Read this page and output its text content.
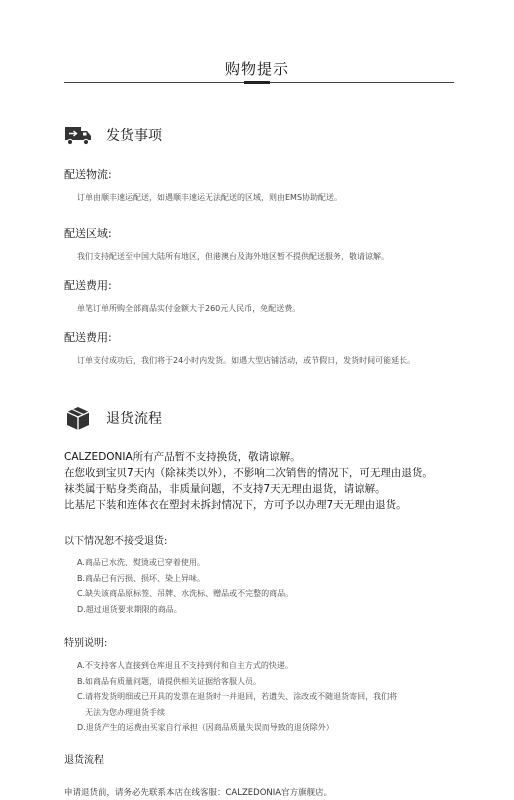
购物提示
发货事项
配送物流:
订单由顺丰速运配送，如遇顺丰速运无法配送的区域，则由EMS协助配送。
配送区域:
我们支持配送至中国大陆所有地区，但港澳台及海外地区暂不提供配送服务，敬请谅解。
配送费用:
单笔订单所购全部商品实付金额大于260元人民币，免配送费。
配送费用:
订单支付成功后，我们将于24小时内发货。如遇大型店铺活动，或节假日，发货时间可能延长。
退货流程
CALZEDONIA所有产品暂不支持换货，敬请谅解。
在您收到宝贝7天内（除袜类以外），不影响二次销售的情况下，可无理由退货。
袜类属于贴身类商品，非质量问题，不支持7天无理由退货，请谅解。
比基尼下装和连体衣在塑封未拆封情况下，方可予以办理7天无理由退货。
以下情况恕不接受退货:
A.商品已水洗、熨烫或已穿着使用。
B.商品已有污损、损坏、染上异味。
C.缺失该商品原标签、吊牌、水洗标、赠品或不完整的商品。
D.超过退货要求期限的商品。
特别说明:
A.不支持客人直接到仓库退且不支持到付和自主方式的快递。
B.如商品有质量问题，请提供相关证据给客服人员。
C.请将发货明细或已开具的发票在退货时一并退回，若遗失、涂改或不随退货寄回，我们将
无法为您办理退货手续
D.退货产生的运费由买家自行承担（因商品质量失误而导致的退货除外）
退货流程
申请退货前，请务必先联系本店在线客服：CALZEDONIA官方旗舰店。
